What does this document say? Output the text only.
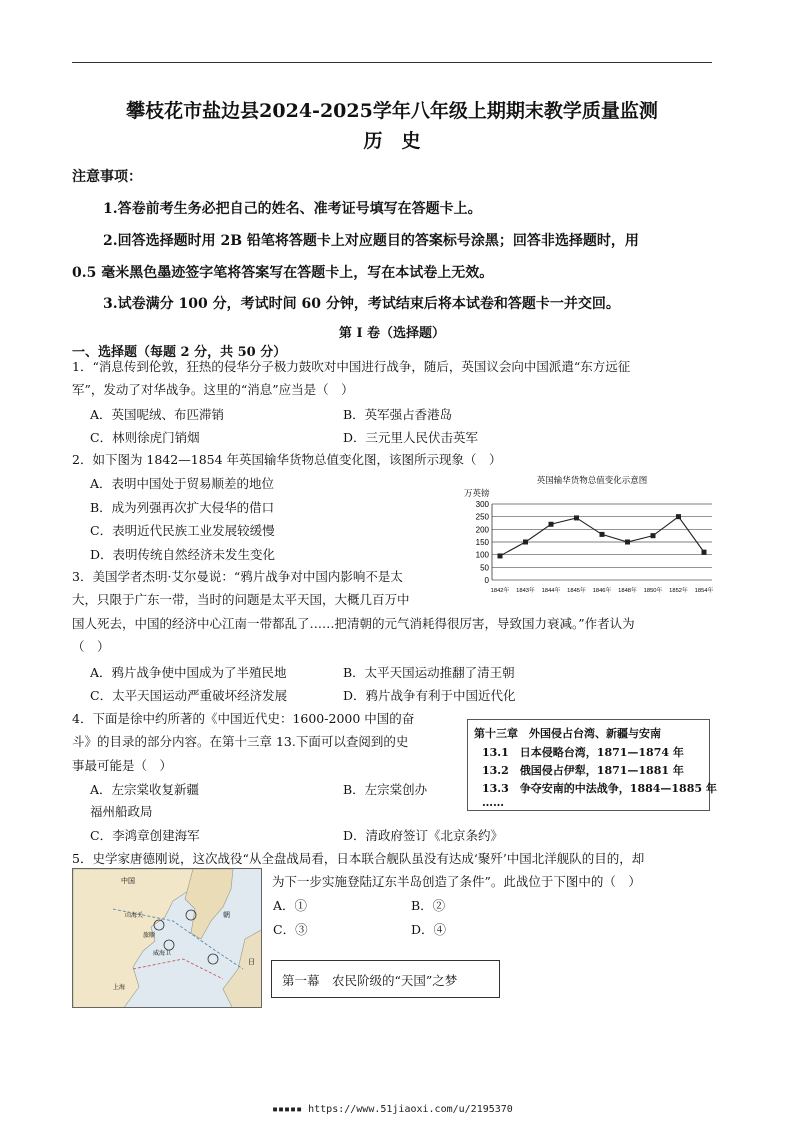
攀枝花市盐边县2024-2025学年八年级上期期末教学质量监测
历　史
注意事项：
1.答卷前考生务必把自己的姓名、准考证号填写在答题卡上。
2.回答选择题时用 2B 铅笔将答题卡上对应题目的答案标号涂黑；回答非选择题时，用
0.5 毫米黑色墨迹签字笔将答案写在答题卡上，写在本试卷上无效。
3.试卷满分 100 分，考试时间 60 分钟，考试结束后将本试卷和答题卡一并交回。
第 I 卷（选择题）
一、选择题（每题 2 分，共 50 分）
1．“消息传到伦敦，狂热的侵华分子极力鼓吹对中国进行战争，随后，英国议会向中国派遣“东方远征
军”，发动了对华战争。这里的“消息”应当是（　）
A．英国呢绒、布匹滞销	B．英军强占香港岛
C．林则徐虎门销烟	D．三元里人民伏击英军
2．如下图为 1842—1854 年英国输华货物总值变化图，该图所示现象（　）
A．表明中国处于贸易顺差的地位
B．成为列强再次扩大侵华的借口
C．表明近代民族工业发展较缓慢
D．表明传统自然经济未发生变化
英国输华货物总值变化示意图
万英镑
0
50
100
150
200
250
300
1842年 1843年 1844年 1845年 1846年 1848年 1850年 1852年 1854年
3．美国学者杰明·艾尔曼说：“鸦片战争对中国内影响不是太
大，只限于广东一带，当时的问题是太平天国，大概几百万中
国人死去，中国的经济中心江南一带都乱了……把清朝的元气消耗得很厉害，导致国力衰减。”作者认为
（　）
A．鸦片战争使中国成为了半殖民地	B．太平天国运动推翻了清王朝
C．太平天国运动严重破坏经济发展	D．鸦片战争有利于中国近代化
4．下面是徐中约所著的《中国近代史：1600-2000 中国的奋
斗》的目录的部分内容。在第十三章 13.下面可以查阅到的史
事最可能是（　）
A．左宗棠收复新疆	B．左宗棠创办
福州船政局
C．李鸿章创建海军	D．清政府签订《北京条约》
第十三章　外国侵占台湾、新疆与安南
13.1　日本侵略台湾，1871—1874 年
13.2　俄国侵占伊犁，1871—1881 年
13.3　争夺安南的中法战争，1884—1885 年
……
5．史学家唐德刚说，这次战役“从全盘战局看，日本联合舰队虽没有达成‘聚歼’中国北洋舰队的目的，却
为下一步实施登陆辽东半岛创造了条件”。此战位于下图中的（　）
A．①	B．②
C．③	D．④
第一幕　农民阶级的“天国”之梦
中国
朝
山海关
旅顺
威海卫
日
上海
▪▪▪▪▪ https://www.51jiaoxi.com/u/2195370
